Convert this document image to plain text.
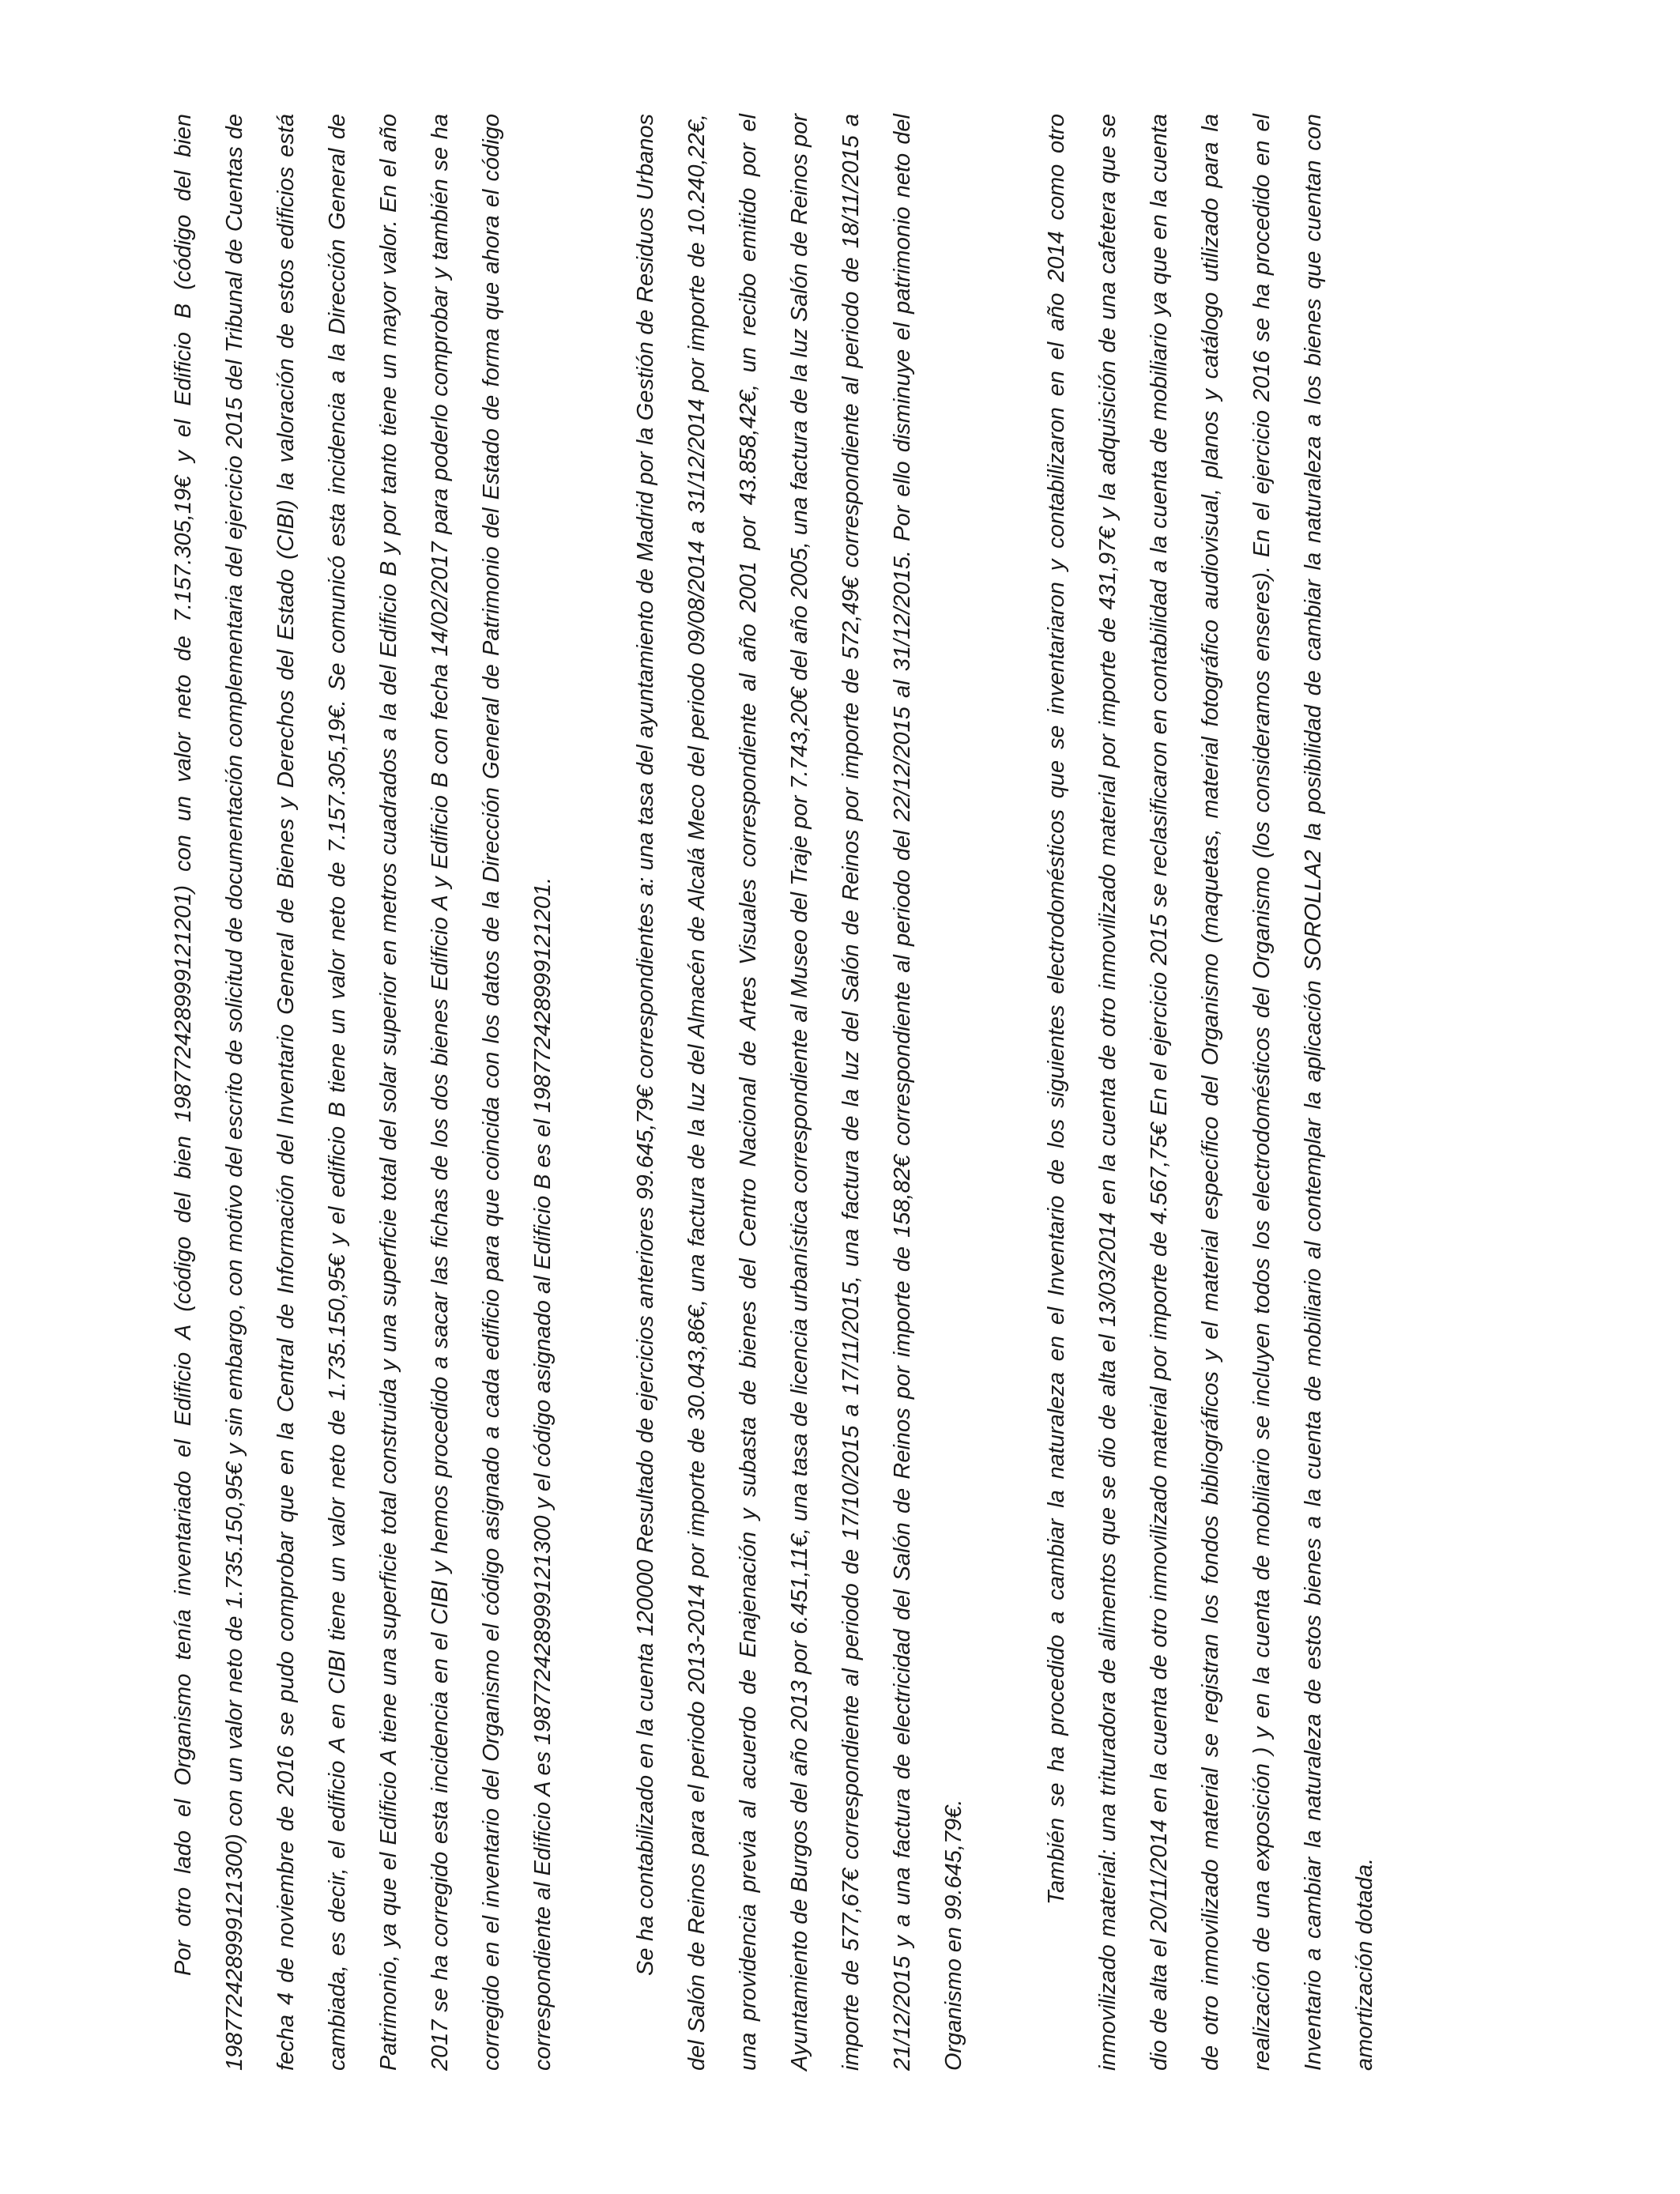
Por otro lado el Organismo tenía inventariado el Edificio A (código del bien 198772428999121201) con un valor neto de 7.157.305,19€ y el Edificio B (código del bien 198772428999121300) con un valor neto de 1.735.150,95€ y sin embargo, con motivo del escrito de solicitud de documentación complementaria del ejercicio 2015 del Tribunal de Cuentas de fecha 4 de noviembre de 2016 se pudo comprobar que en la Central de Información del Inventario General de Bienes y Derechos del Estado (CIBI) la valoración de estos edificios está cambiada, es decir, el edificio A en CIBI tiene un valor neto de 1.735.150,95€ y el edificio B tiene un valor neto de 7.157.305,19€. Se comunicó esta incidencia a la Dirección General de Patrimonio, ya que el Edificio A tiene una superficie total construida y una superficie total del solar superior en metros cuadrados a la del Edificio B y por tanto tiene un mayor valor. En el año 2017 se ha corregido esta incidencia en el CIBI y hemos procedido a sacar las fichas de los dos bienes Edificio A y Edificio B con fecha 14/02/2017 para poderlo comprobar y también se ha corregido en el inventario del Organismo el código asignado a cada edificio para que coincida con los datos de la Dirección General de Patrimonio del Estado de forma que ahora el código correspondiente al Edificio A es 198772428999121300 y el código asignado al Edificio B es el 198772428999121201.	Se ha contabilizado en la cuenta 120000 Resultado de ejercicios anteriores 99.645,79€ correspondientes a: una tasa del ayuntamiento de Madrid por la Gestión de Residuos Urbanos del Salón de Reinos para el periodo 2013-2014 por importe de 30.043,86€, una factura de la luz del Almacén de Alcalá Meco del periodo 09/08/2014 a 31/12/2014 por importe de 10.240,22€, una providencia previa al acuerdo de Enajenación y subasta de bienes del Centro Nacional de Artes Visuales correspondiente al año 2001 por 43.858,42€, un recibo emitido por el Ayuntamiento de Burgos del año 2013 por 6.451,11€, una tasa de licencia urbanística correspondiente al Museo del Traje por 7.743,20€ del año 2005, una factura de la luz Salón de Reinos por importe de 577,67€ correspondiente al periodo de 17/10/2015 a 17/11/2015, una factura de la luz del Salón de Reinos por importe de 572,49€ correspondiente al periodo de 18/11/2015 a 21/12/2015 y a una factura de electricidad del Salón de Reinos por importe de 158,82€ correspondiente al periodo del 22/12/2015 al 31/12/2015. Por ello disminuye el patrimonio neto del Organismo en 99.645,79€.

También se ha procedido a cambiar la naturaleza en el Inventario de los siguientes electrodomésticos que se inventariaron y contabilizaron en el año 2014 como otro inmovilizado material: una trituradora de alimentos que se dio de alta el 13/03/2014 en la cuenta de otro inmovilizado material por importe de 431,97€ y la adquisición de una cafetera que se dio de alta el 20/11/2014 en la cuenta de otro inmovilizado material por importe de 4.567,75€ En el ejercicio 2015 se reclasificaron en contabilidad a la cuenta de mobiliario ya que en la cuenta de otro inmovilizado material se registran los fondos bibliográficos y el material específico del Organismo (maquetas, material fotográfico audiovisual, planos y catálogo utilizado para la realización de una exposición ) y en la cuenta de mobiliario se incluyen todos los electrodomésticos del Organismo (los consideramos enseres). En el ejercicio 2016 se ha procedido en el Inventario a cambiar la naturaleza de estos bienes a la cuenta de mobiliario al contemplar la aplicación SOROLLA2 la posibilidad de cambiar la naturaleza a los bienes que cuentan con amortización dotada.
